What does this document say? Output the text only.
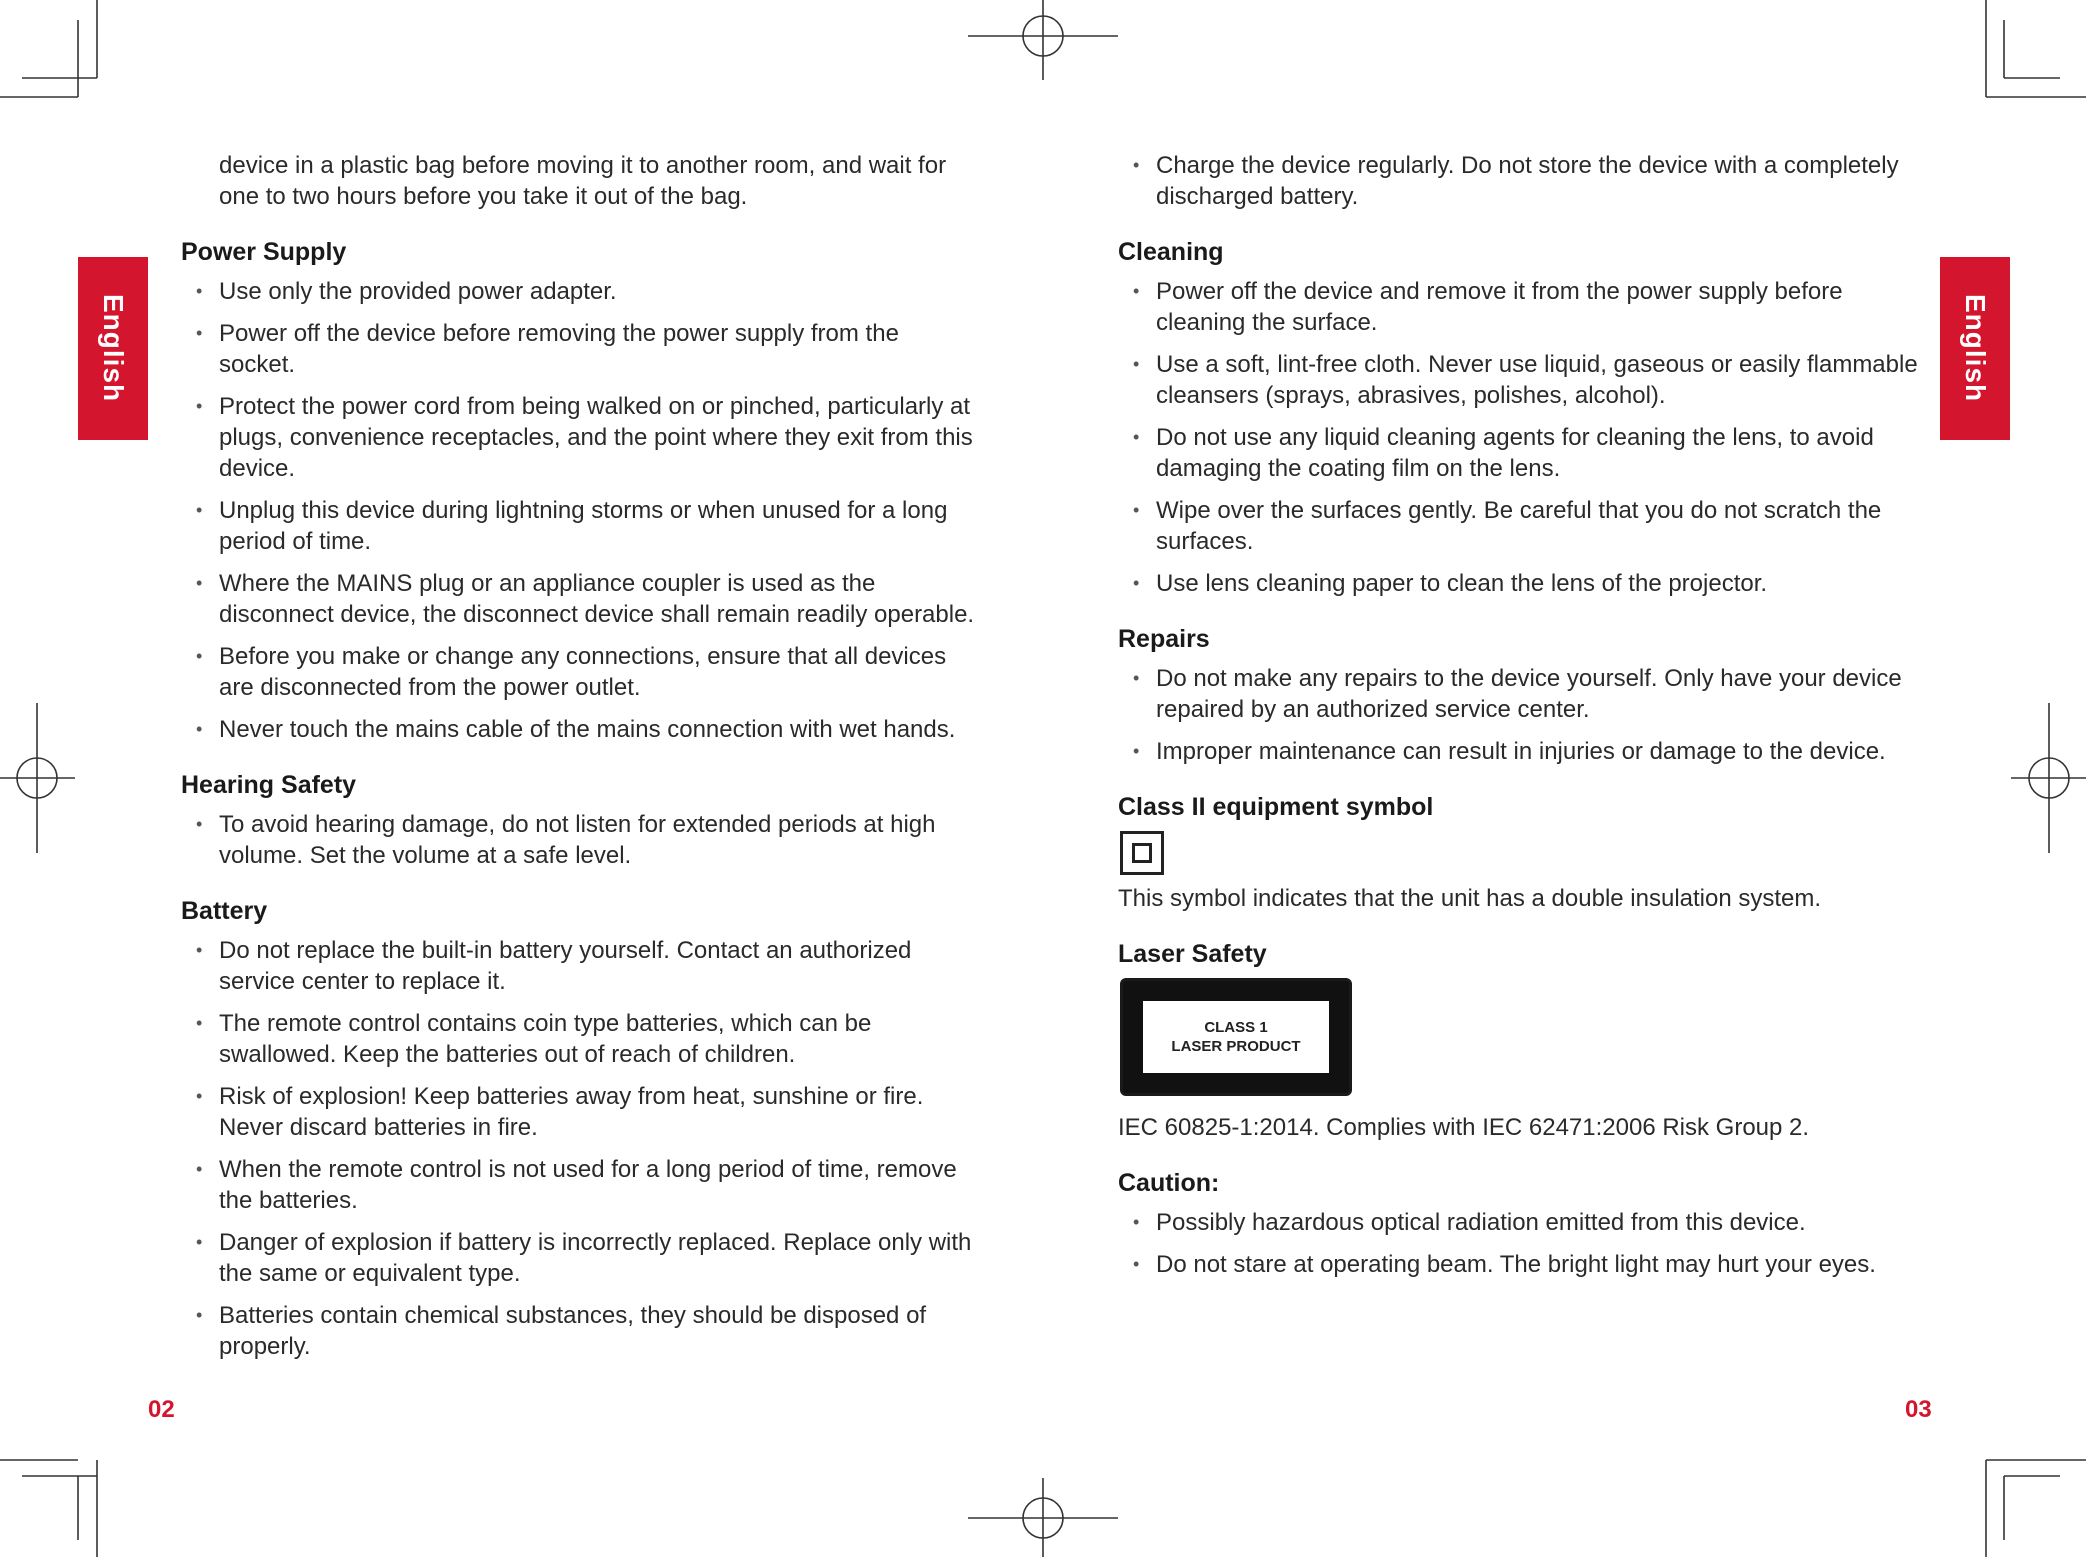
English	English

device in a plastic bag before moving it to another room, and wait for one to two hours before you take it out of the bag.

Power Supply
• Use only the provided power adapter.
• Power off the device before removing the power supply from the socket.
• Protect the power cord from being walked on or pinched, particularly at plugs, convenience receptacles, and the point where they exit from this device.
• Unplug this device during lightning storms or when unused for a long period of time.
• Where the MAINS plug or an appliance coupler is used as the disconnect device, the disconnect device shall remain readily operable.
• Before you make or change any connections, ensure that all devices are disconnected from the power outlet.
• Never touch the mains cable of the mains connection with wet hands.
Hearing Safety
• To avoid hearing damage, do not listen for extended periods at high volume. Set the volume at a safe level.
Battery
• Do not replace the built-in battery yourself. Contact an authorized service center to replace it.
• The remote control contains coin type batteries, which can be swallowed. Keep the batteries out of reach of children.
• Risk of explosion! Keep batteries away from heat, sunshine or fire. Never discard batteries in fire.
• When the remote control is not used for a long period of time, remove the batteries.
• Danger of explosion if battery is incorrectly replaced. Replace only with the same or equivalent type.
• Batteries contain chemical substances, they should be disposed of properly.
• Charge the device regularly. Do not store the device with a completely discharged battery.
Cleaning
• Power off the device and remove it from the power supply before cleaning the surface.
• Use a soft, lint-free cloth. Never use liquid, gaseous or easily flammable cleansers (sprays, abrasives, polishes, alcohol).
• Do not use any liquid cleaning agents for cleaning the lens, to avoid damaging the coating film on the lens.
• Wipe over the surfaces gently. Be careful that you do not scratch the surfaces.
• Use lens cleaning paper to clean the lens of the projector.
Repairs
• Do not make any repairs to the device yourself. Only have your device repaired by an authorized service center.
• Improper maintenance can result in injuries or damage to the device.
Class II equipment symbol

This symbol indicates that the unit has a double insulation system.

Laser Safety
CLASS 1
LASER PRODUCT

IEC 60825-1:2014. Complies with IEC 62471:2006 Risk Group 2.

Caution:
• Possibly hazardous optical radiation emitted from this device.
• Do not stare at operating beam. The bright light may hurt your eyes.
02	03
